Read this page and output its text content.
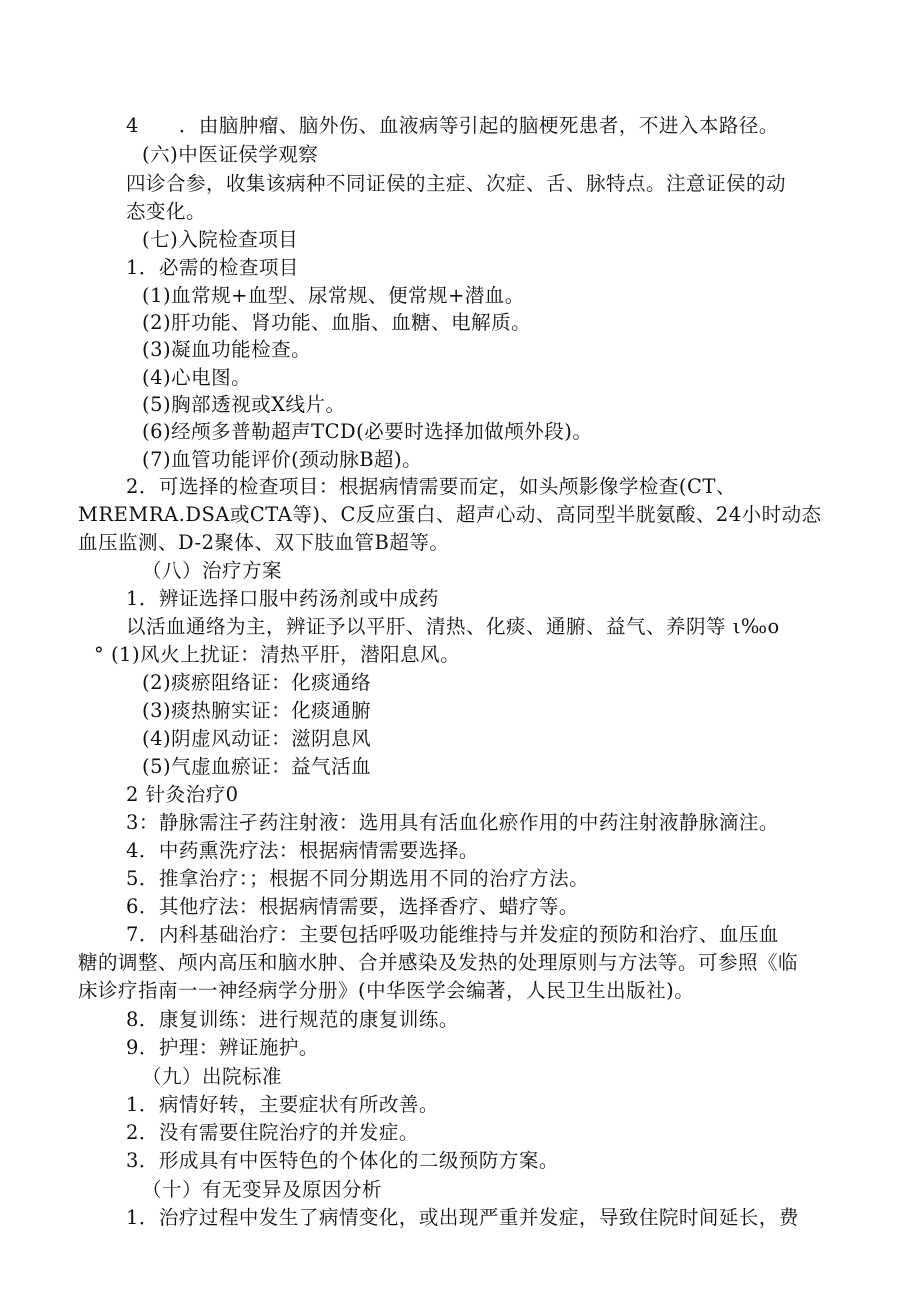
4　　．由脑肿瘤、脑外伤、血液病等引起的脑梗死患者，不进入本路径。
(六)中医证侯学观察
四诊合参，收集该病种不同证侯的主症、次症、舌、脉特点。注意证侯的动
态变化。
(七)入院检查项目
1．必需的检查项目
(1)血常规+血型、尿常规、便常规+潜血。
(2)肝功能、肾功能、血脂、血糖、电解质。
(3)凝血功能检查。
(4)心电图。
(5)胸部透视或X线片。
(6)经颅多普勒超声TCD(必要时选择加做颅外段)。
(7)血管功能评价(颈动脉B超)。
2．可选择的检查项目：根据病情需要而定，如头颅影像学检查(CT、
MREMRA.DSA或CTA等)、C反应蛋白、超声心动、高同型半胱氨酸、24小时动态
血压监测、D-2聚体、双下肢血管B超等。
（八）治疗方案
1．辨证选择口服中药汤剂或中成药
以活血通络为主，辨证予以平肝、清热、化痰、通腑、益气、养阴等 ι‰o
° (1)风火上扰证：清热平肝，潜阳息风。
(2)痰瘀阻络证：化痰通络
(3)痰热腑实证：化痰通腑
(4)阴虚风动证：滋阴息风
(5)气虚血瘀证：益气活血
2 针灸治疗0
3：静脉需注孑药注射液：选用具有活血化瘀作用的中药注射液静脉滴注。
4．中药熏洗疗法：根据病情需要选择。
5．推拿治疗：；根据不同分期选用不同的治疗方法。
6．其他疗法：根据病情需要，选择香疗、蜡疗等。
7．内科基础治疗：主要包括呼吸功能维持与并发症的预防和治疗、血压血
糖的调整、颅内高压和脑水肿、合并感染及发热的处理原则与方法等。可参照《临
床诊疗指南一一神经病学分册》(中华医学会编著，人民卫生出版社)。
8．康复训练：进行规范的康复训练。
9．护理：辨证施护。
（九）出院标准
1．病情好转，主要症状有所改善。
2．没有需要住院治疗的并发症。
3．形成具有中医特色的个体化的二级预防方案。
（十）有无变异及原因分析
1．治疗过程中发生了病情变化，或出现严重并发症，导致住院时间延长，费
